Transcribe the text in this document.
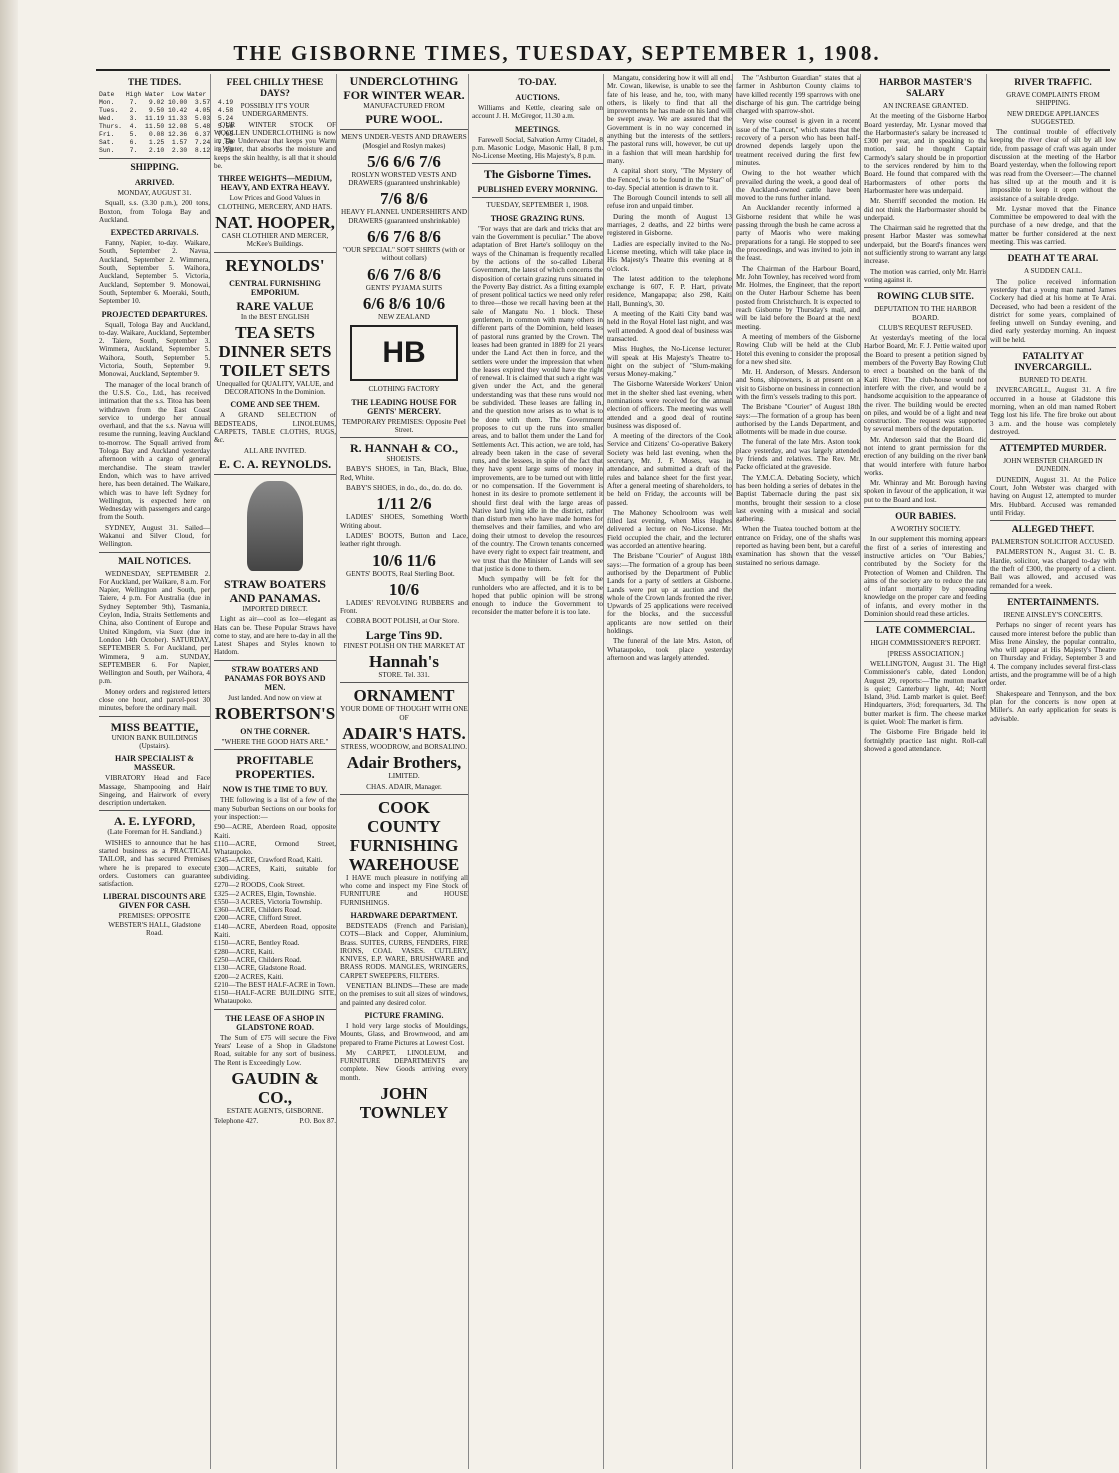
THE GISBORNE TIMES, TUESDAY, SEPTEMBER 1, 1908.
THE TIDES.
Date   High Water  Low Water
Mon.    7.   9.02 10.00  3.57  4.19
Tues.   2.   9.50 10.42  4.05  4.58
Wed.    3.  11.19 11.33  5.03  5.24
Thurs.  4.  11.50 12.08  5.48  5.56
Fri.    5.   0.08 12.36  6.37  7.05
Sat.    6.   1.25  1.57  7.24  7.56
Sun.    7.   2.10  2.30  8.12  8.20
SHIPPING.
ARRIVED.
MONDAY, AUGUST 31.

Squall, s.s. (3.30 p.m.), 200 tons, Boxton, from Tologa Bay and Auckland.

EXPECTED ARRIVALS.

Fanny, Napier, to-day. Waikare, South, September 2. Navua, Auckland, September 2. Wimmera, South, September 5. Waihora, Auckland, September 5. Victoria, Auckland, September 9. Monowai, South, September 6. Moeraki, South, September 10.

PROJECTED DEPARTURES.

Squall, Tologa Bay and Auckland, to-day. Waikare, Auckland, September 2. Taiere, South, September 3. Wimmera, Auckland, September 5. Waihora, South, September 5. Victoria, South, September 9. Monowai, Auckland, September 9.

The manager of the local branch of the U.S.S. Co., Ltd., has received intimation that the s.s. Titoa has been withdrawn from the East Coast service to undergo her annual overhaul, and that the s.s. Navua will resume the running, leaving Auckland to-morrow. The Squall arrived from Tologa Bay and Auckland yesterday afternoon with a cargo of general merchandise. The steam trawler Endon, which was to have arrived here, has been detained. The Waikare, which was to have left Sydney for Wellington, is expected here on Wednesday with passengers and cargo from the South.

SYDNEY, August 31. Sailed—Wakanui and Silver Cloud, for Wellington.

MAIL NOTICES.

WEDNESDAY, SEPTEMBER 2. For Auckland, per Waikare, 8 a.m. For Napier, Wellington and South, per Taiere, 4 p.m. For Australia (due in Sydney September 9th), Tasmania, Ceylon, India, Straits Settlements and China, also Continent of Europe and United Kingdom, via Suez (due in London 14th October). SATURDAY, SEPTEMBER 5. For Auckland, per Wimmera, 9 a.m. SUNDAY, SEPTEMBER 6. For Napier, Wellington and South, per Waihora, 4 p.m.

Money orders and registered letters close one hour, and parcel-post 30 minutes, before the ordinary mail.

MISS BEATTIE,
UNION BANK BUILDINGS (Upstairs).
HAIR SPECIALIST & MASSEUR.

VIBRATORY Head and Face Massage, Shampooing and Hair Singeing, and Hairwork of every description undertaken.

A. E. LYFORD,
(Late Foreman for H. Sandland.)

WISHES to announce that he has started business as a PRACTICAL TAILOR, and has secured Premises where he is prepared to execute orders. Customers can guarantee satisfaction.

LIBERAL DISCOUNTS ARE GIVEN FOR CASH.
PREMISES: OPPOSITE WEBSTER'S HALL, Gladstone Road.
FEEL CHILLY THESE DAYS?
POSSIBLY IT'S YOUR UNDERGARMENTS.

OUR WINTER STOCK OF WOOLLEN UNDERCLOTHING is now in. The Underwear that keeps you Warm in Winter, that absorbs the moisture and keeps the skin healthy, is all that it should be.

THREE WEIGHTS—MEDIUM, HEAVY, AND EXTRA HEAVY.
Low Prices and Good Values in CLOTHING, MERCERY, AND HATS.
NAT. HOOPER,
CASH CLOTHIER AND MERCER, McKee's Buildings.
REYNOLDS'
CENTRAL FURNISHING EMPORIUM.
RARE VALUE
In the BEST ENGLISH
TEA SETS
DINNER SETS
TOILET SETS
Unequalled for QUALITY, VALUE, and DECORATIONS In the Dominion.
COME AND SEE THEM.

A GRAND SELECTION of BEDSTEADS, LINOLEUMS, CARPETS, TABLE CLOTHS, RUGS, &c.

ALL ARE INVITED.
E. C. A. REYNOLDS.
STRAW BOATERS AND PANAMAS.
IMPORTED DIRECT.

Light as air—cool as Ice—elegant as Hats can be. These Popular Straws have come to stay, and are here to-day in all the Latest Shapes and Styles known to Hatdom.

STRAW BOATERS AND PANAMAS FOR BOYS AND MEN.
Just landed. And now on view at
ROBERTSON'S
ON THE CORNER.
"WHERE THE GOOD HATS ARE."
PROFITABLE PROPERTIES.
NOW IS THE TIME TO BUY.

THE following is a list of a few of the many Suburban Sections on our books for your inspection:—

£90—ACRE, Aberdeen Road, opposite Kaiti.
£110—ACRE, Ormond Street, Whataupoko.
£245—ACRE, Crawford Road, Kaiti.
£300—ACRES, Kaiti, suitable for subdividing.
£270—2 ROODS, Cook Street.
£325—2 ACRES, Elgin, Townshie.
£550—3 ACRES, Victoria Township.
£360—ACRE, Childers Road.
£200—ACRE, Clifford Street.
£140—ACRE, Aberdeen Road, opposite Kaiti.
£150—ACRE, Bentley Road.
£280—ACRE, Kaiti.
£250—ACRE, Childers Road.
£130—ACRE, Gladstone Road.
£200—2 ACRES, Kaiti.
£210—The BEST HALF-ACRE in Town.
£150—HALF-ACRE BUILDING SITE, Whataupoko.
THE LEASE OF A SHOP IN GLADSTONE ROAD.

The Sum of £75 will secure the Five Years' Lease of a Shop in Gladstone Road, suitable for any sort of business. The Rent is Exceedingly Low.

GAUDIN & CO.,
ESTATE AGENTS, GISBORNE.
Telephone 427.	P.O. Box 87.
UNDERCLOTHING
FOR WINTER WEAR.
MANUFACTURED FROM
PURE WOOL.
MEN'S UNDER-VESTS AND DRAWERS (Mosgiel and Roslyn makes)
5/6 6/6 7/6
ROSLYN WORSTED VESTS AND DRAWERS (guaranteed unshrinkable)
7/6 8/6
HEAVY FLANNEL UNDERSHIRTS AND DRAWERS (guaranteed unshrinkable)
6/6 7/6 8/6
"OUR SPECIAL" SOFT SHIRTS (with or without collars)
6/6 7/6 8/6
GENTS' PYJAMA SUITS
6/6 8/6 10/6
NEW ZEALAND
HB
CLOTHING FACTORY
THE LEADING HOUSE FOR GENTS' MERCERY.
TEMPORARY PREMISES: Opposite Peel Street.
R. HANNAH & CO.,
SHOEISTS.

BABY'S SHOES, in Tan, Black, Blue, Red, White.

BABY'S SHOES, in do., do., do. do. do.

1/11 2/6

LADIES' SHOES, Something Worth Writing about.

LADIES' BOOTS, Button and Lace, leather right through.

10/6 11/6

GENTS' BOOTS, Real Sterling Boot.

10/6

LADIES' REVOLVING RUBBERS and Front.

COBRA BOOT POLISH, at Our Store.

Large Tins 9D.
FINEST POLISH ON THE MARKET AT
Hannah's
STORE. Tel. 331.
ORNAMENT
YOUR DOME OF THOUGHT WITH ONE OF
ADAIR'S HATS.
STRESS, WOODROW, and BORSALINO.
Adair Brothers,
LIMITED.
CHAS. ADAIR, Manager.
COOK COUNTY FURNISHING WAREHOUSE

I HAVE much pleasure in notifying all who come and inspect my Fine Stock of FURNITURE and HOUSE FURNISHINGS.

HARDWARE DEPARTMENT.

BEDSTEADS (French and Parisian), COTS—Black and Copper, Aluminium, Brass. SUITES, CURBS, FENDERS, FIRE IRONS, COAL VASES. CUTLERY, KNIVES, E.P. WARE, BRUSHWARE and BRASS RODS. MANGLES, WRINGERS, CARPET SWEEPERS, FILTERS.

VENETIAN BLINDS—These are made on the premises to suit all sizes of windows, and painted any desired color.

PICTURE FRAMING.

I hold very large stocks of Mouldings, Mounts, Glass, and Brownwood, and am prepared to Frame Pictures at Lowest Cost.

My CARPET, LINOLEUM, and FURNITURE DEPARTMENTS are complete. New Goods arriving every month.

JOHN TOWNLEY
TO-DAY.
AUCTIONS.

Williams and Kettle, clearing sale on account J. H. McGregor, 11.30 a.m.

MEETINGS.

Farewell Social, Salvation Army Citadel, 8 p.m. Masonic Lodge, Masonic Hall, 8 p.m. No-License Meeting, His Majesty's, 8 p.m.

The Gisborne Times.
PUBLISHED EVERY MORNING.
TUESDAY, SEPTEMBER 1, 1908.
THOSE GRAZING RUNS.

"For ways that are dark and tricks that are vain the Government is peculiar." The above adaptation of Bret Harte's soliloquy on the ways of the Chinaman is frequently recalled by the actions of the so-called Liberal Government, the latest of which concerns the disposition of certain grazing runs situated in the Poverty Bay district. As a fitting example of present political tactics we need only refer to three—those we recall having been at the sale of Mangatu No. 1 block. These gentlemen, in common with many others in different parts of the Dominion, held leases of pastoral runs granted by the Crown. The leases had been granted in 1889 for 21 years under the Land Act then in force, and the settlers were under the impression that when the leases expired they would have the right of renewal. It is claimed that such a right was given under the Act, and the general understanding was that these runs would not be subdivided. These leases are falling in, and the question now arises as to what is to be done with them. The Government proposes to cut up the runs into smaller areas, and to ballot them under the Land for Settlements Act. This action, we are told, has already been taken in the case of several runs, and the lessees, in spite of the fact that they have spent large sums of money in improvements, are to be turned out with little or no compensation. If the Government is honest in its desire to promote settlement it should first deal with the large areas of Native land lying idle in the district, rather than disturb men who have made homes for themselves and their families, and who are doing their utmost to develop the resources of the country. The Crown tenants concerned have every right to expect fair treatment, and we trust that the Minister of Lands will see that justice is done to them.

Much sympathy will be felt for the runholders who are affected, and it is to be hoped that public opinion will be strong enough to induce the Government to reconsider the matter before it is too late.

Mangatu, considering how it will all end. Mr. Cowan, likewise, is unable to see the fate of his lease, and he, too, with many others, is likely to find that all the improvements he has made on his land will be swept away. We are assured that the Government is in no way concerned in anything but the interests of the settlers. The pastoral runs will, however, be cut up in a fashion that will mean hardship for many.

A capital short story, "The Mystery of the Fenced," is to be found in the "Star" of to-day. Special attention is drawn to it.

The Borough Council intends to sell all refuse iron and unpaid timber.

During the month of August 13 marriages, 2 deaths, and 22 births were registered in Gisborne.

Ladies are especially invited to the No-License meeting, which will take place in His Majesty's Theatre this evening at 8 o'clock.

The latest addition to the telephone exchange is 607, F. P. Hart, private residence, Mangapapa; also 298, Kaiti Hall, Bunning's, 30.

A meeting of the Kaiti City band was held in the Royal Hotel last night, and was well attended. A good deal of business was transacted.

Miss Hughes, the No-License lecturer, will speak at His Majesty's Theatre to-night on the subject of "Slum-making versus Money-making."

The Gisborne Waterside Workers' Union met in the shelter shed last evening, when nominations were received for the annual election of officers. The meeting was well attended and a good deal of routine business was disposed of.

A meeting of the directors of the Cook Service and Citizens' Co-operative Bakery Society was held last evening, when the secretary, Mr. J. F. Moses, was in attendance, and submitted a draft of the rules and balance sheet for the first year. After a general meeting of shareholders, to be held on Friday, the accounts will be passed.

The Mahoney Schoolroom was well filled last evening, when Miss Hughes delivered a lecture on No-License. Mr. Field occupied the chair, and the lecturer was accorded an attentive hearing.

The Brisbane "Courier" of August 18th says:—The formation of a group has been authorised by the Department of Public Lands for a party of settlers at Gisborne. Lands were put up at auction and the whole of the Crown lands fronted the river. Upwards of 25 applications were received for the blocks, and the successful applicants are now settled on their holdings.

The funeral of the late Mrs. Aston, of Whataupoko, took place yesterday afternoon and was largely attended.

The "Ashburton Guardian" states that a farmer in Ashburton County claims to have killed recently 199 sparrows with one discharge of his gun. The cartridge being charged with sparrow-shot.

Very wise counsel is given in a recent issue of the "Lancet," which states that the recovery of a person who has been half-drowned depends largely upon the treatment received during the first few minutes.

Owing to the hot weather which prevailed during the week, a good deal of the Auckland-owned cattle have been moved to the runs further inland.

An Aucklander recently informed a Gisborne resident that while he was passing through the bush he came across a party of Maoris who were making preparations for a tangi. He stopped to see the proceedings, and was invited to join in the feast.

The Chairman of the Harbour Board, Mr. John Townley, has received word from Mr. Holmes, the Engineer, that the report on the Outer Harbour Scheme has been posted from Christchurch. It is expected to reach Gisborne by Thursday's mail, and will be laid before the Board at the next meeting.

A meeting of members of the Gisborne Rowing Club will be held at the Club Hotel this evening to consider the proposal for a new shed site.

Mr. H. Anderson, of Messrs. Anderson and Sons, shipowners, is at present on a visit to Gisborne on business in connection with the firm's vessels trading to this port.

The Brisbane "Courier" of August 18th says:—The formation of a group has been authorised by the Lands Department, and allotments will be made in due course.

The funeral of the late Mrs. Aston took place yesterday, and was largely attended by friends and relatives. The Rev. Mr. Packe officiated at the graveside.

The Y.M.C.A. Debating Society, which has been holding a series of debates in the Baptist Tabernacle during the past six months, brought their session to a close last evening with a musical and social gathering.

When the Tuatea touched bottom at the entrance on Friday, one of the shafts was reported as having been bent, but a careful examination has shown that the vessel sustained no serious damage.

HARBOR MASTER'S SALARY
AN INCREASE GRANTED.

At the meeting of the Gisborne Harbor Board yesterday, Mr. Lysnar moved that the Harbormaster's salary be increased to £300 per year, and in speaking to the motion, said he thought Captain Carmody's salary should be in proportion to the services rendered by him to the Board. He found that compared with the Harbormasters of other ports the Harbormaster here was underpaid.

Mr. Sherriff seconded the motion. He did not think the Harbormaster should be underpaid.

The Chairman said he regretted that the present Harbor Master was somewhat underpaid, but the Board's finances were not sufficiently strong to warrant any large increase.

The motion was carried, only Mr. Harris voting against it.

ROWING CLUB SITE.
DEPUTATION TO THE HARBOR BOARD.
CLUB'S REQUEST REFUSED.

At yesterday's meeting of the local Harbor Board, Mr. F. J. Pettie waited upon the Board to present a petition signed by members of the Poverty Bay Rowing Club to erect a boatshed on the bank of the Kaiti River. The club-house would not interfere with the river, and would be a handsome acquisition to the appearance of the river. The building would be erected on piles, and would be of a light and neat construction. The request was supported by several members of the deputation.

Mr. Anderson said that the Board did not intend to grant permission for the erection of any building on the river bank that would interfere with future harbor works.

Mr. Whinray and Mr. Borough having spoken in favour of the application, it was put to the Board and lost.

OUR BABIES.
A WORTHY SOCIETY.

In our supplement this morning appears the first of a series of interesting and instructive articles on "Our Babies," contributed by the Society for the Protection of Women and Children. The aims of the society are to reduce the rate of infant mortality by spreading knowledge on the proper care and feeding of infants, and every mother in the Dominion should read these articles.

LATE COMMERCIAL.
HIGH COMMISSIONER'S REPORT.
[PRESS ASSOCIATION.]

WELLINGTON, August 31. The High Commissioner's cable, dated London, August 29, reports:—The mutton market is quiet; Canterbury light, 4d; North Island, 3¾d. Lamb market is quiet. Beef: Hindquarters, 3½d; forequarters, 3d. The butter market is firm. The cheese market is quiet. Wool: The market is firm.

The Gisborne Fire Brigade held its fortnightly practice last night. Roll-call showed a good attendance.

RIVER TRAFFIC.
GRAVE COMPLAINTS FROM SHIPPING.
NEW DREDGE APPLIANCES SUGGESTED.

The continual trouble of effectively keeping the river clear of silt by all low tide, from passage of craft was again under discussion at the meeting of the Harbor Board yesterday, when the following report was read from the Overseer:—The channel has silted up at the mouth and it is impossible to keep it open without the assistance of a suitable dredge.

Mr. Lysnar moved that the Finance Committee be empowered to deal with the purchase of a new dredge, and that the matter be further considered at the next meeting. This was carried.

DEATH AT TE ARAI.
A SUDDEN CALL.

The police received information yesterday that a young man named James Cockery had died at his home at Te Arai. Deceased, who had been a resident of the district for some years, complained of feeling unwell on Sunday evening, and died early yesterday morning. An inquest will be held.

FATALITY AT INVERCARGILL.
BURNED TO DEATH.

INVERCARGILL, August 31. A fire occurred in a house at Gladstone this morning, when an old man named Robert Tegg lost his life. The fire broke out about 3 a.m. and the house was completely destroyed.

ATTEMPTED MURDER.
JOHN WEBSTER CHARGED IN DUNEDIN.

DUNEDIN, August 31. At the Police Court, John Webster was charged with having on August 12, attempted to murder Mrs. Hubbard. Accused was remanded until Friday.

ALLEGED THEFT.
PALMERSTON SOLICITOR ACCUSED.

PALMERSTON N., August 31. C. B. Hardie, solicitor, was charged to-day with the theft of £300, the property of a client. Bail was allowed, and accused was remanded for a week.

ENTERTAINMENTS.
IRENE AINSLEY'S CONCERTS.

Perhaps no singer of recent years has caused more interest before the public than Miss Irene Ainsley, the popular contralto, who will appear at His Majesty's Theatre on Thursday and Friday, September 3 and 4. The company includes several first-class artists, and the programme will be of a high order.

Shakespeare and Tennyson, and the box plan for the concerts is now open at Miller's. An early application for seats is advisable.
